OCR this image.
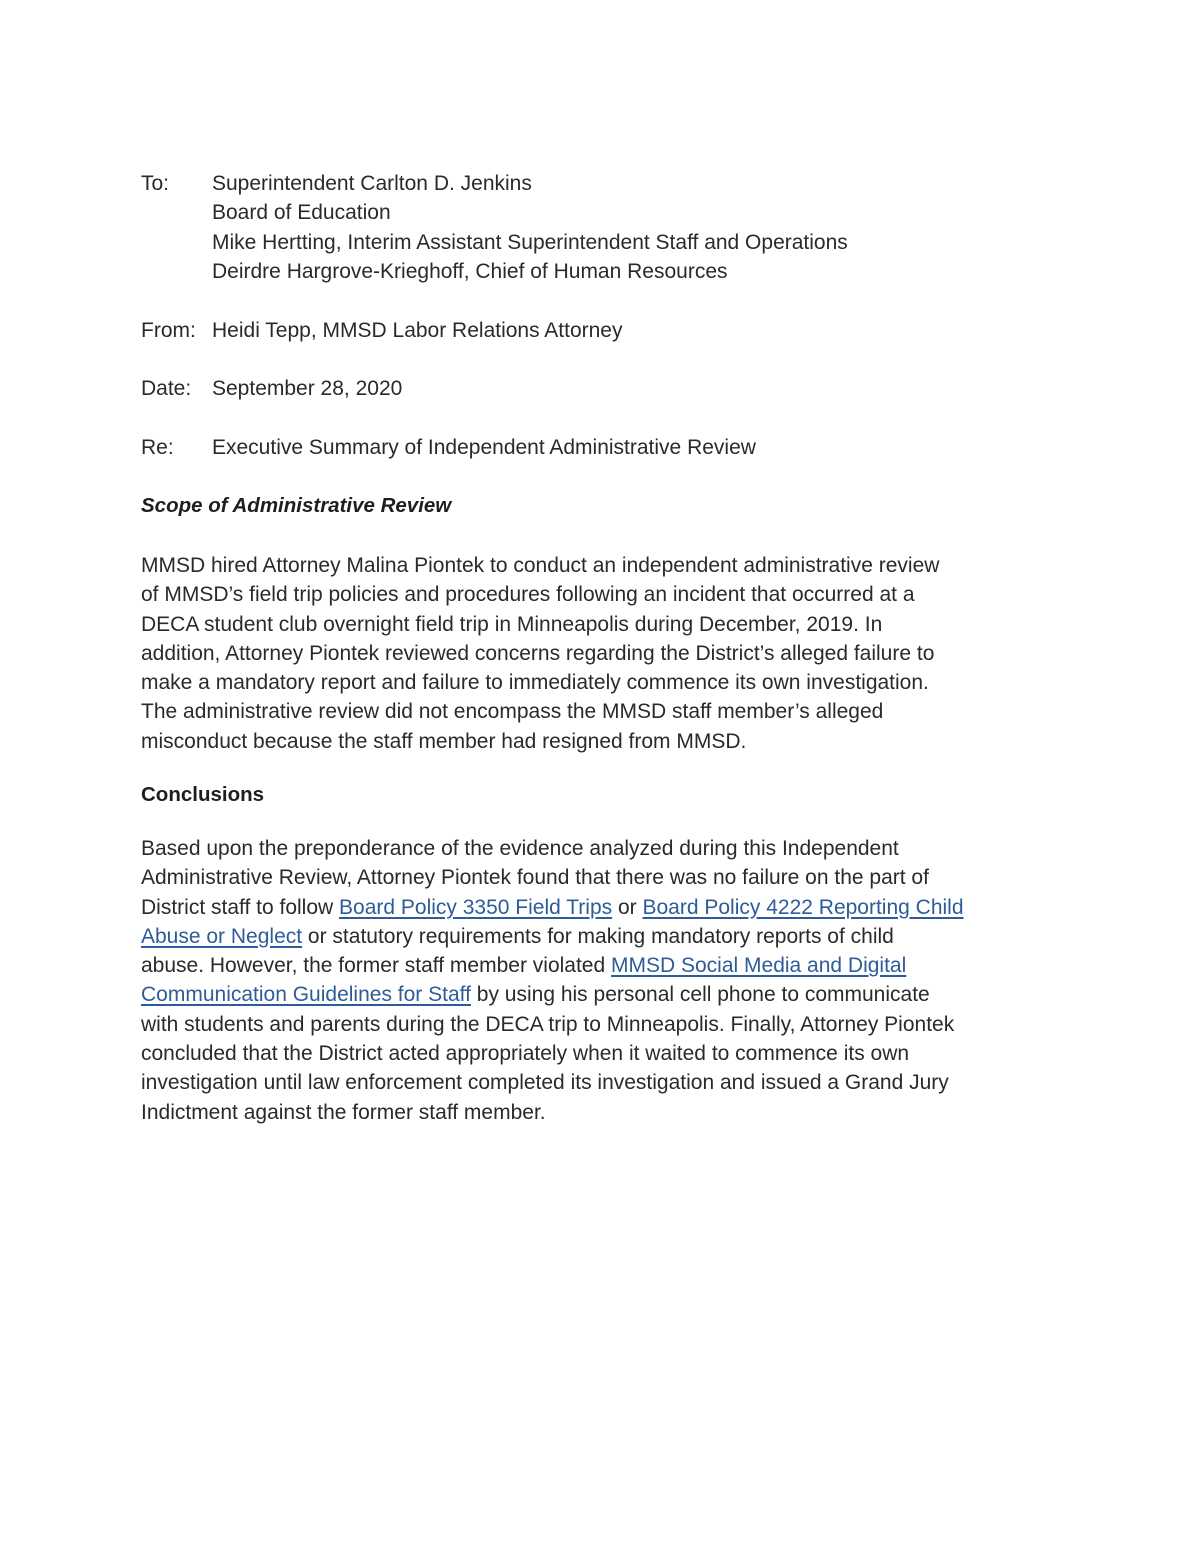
To:	Superintendent Carlton D. Jenkins
Board of Education
Mike Hertting, Interim Assistant Superintendent Staff and Operations
Deirdre Hargrove-Krieghoff, Chief of Human Resources
From: Heidi Tepp, MMSD Labor Relations Attorney
Date: September 28, 2020
Re:	Executive Summary of Independent Administrative Review
Scope of Administrative Review
MMSD hired Attorney Malina Piontek to conduct an independent administrative review
of MMSD’s field trip policies and procedures following an incident that occurred at a
DECA student club overnight field trip in Minneapolis during December, 2019. In
addition, Attorney Piontek reviewed concerns regarding the District’s alleged failure to
make a mandatory report and failure to immediately commence its own investigation.
The administrative review did not encompass the MMSD staff member’s alleged
misconduct because the staff member had resigned from MMSD.
Conclusions
Based upon the preponderance of the evidence analyzed during this Independent
Administrative Review, Attorney Piontek found that there was no failure on the part of
District staff to follow Board Policy 3350 Field Trips or Board Policy 4222 Reporting Child
Abuse or Neglect or statutory requirements for making mandatory reports of child
abuse. However, the former staff member violated MMSD Social Media and Digital
Communication Guidelines for Staff by using his personal cell phone to communicate
with students and parents during the DECA trip to Minneapolis. Finally, Attorney Piontek
concluded that the District acted appropriately when it waited to commence its own
investigation until law enforcement completed its investigation and issued a Grand Jury
Indictment against the former staff member.
